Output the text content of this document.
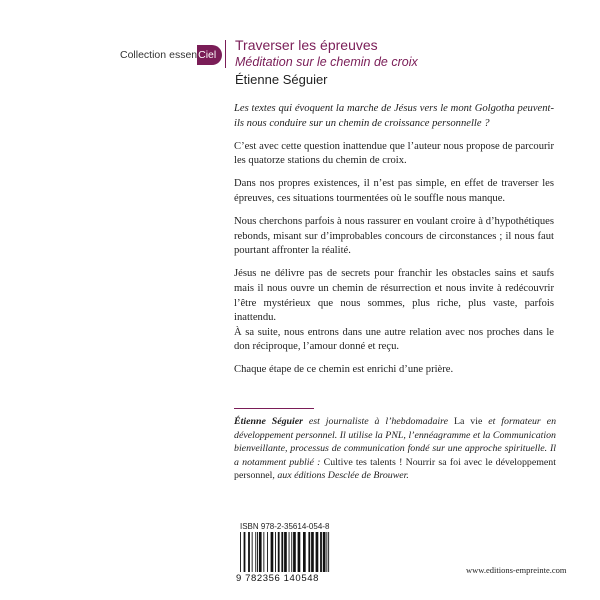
Collection essen Ciel
Traverser les épreuves
Méditation sur le chemin de croix
Étienne Séguier

Les textes qui évoquent la marche de Jésus vers le mont Golgotha peuvent-ils nous conduire sur un chemin de croissance personnelle ?

C’est avec cette question inattendue que l’auteur nous propose de parcourir les quatorze stations du chemin de croix.

Dans nos propres existences, il n’est pas simple, en effet de traverser les épreuves, ces situations tourmentées où le souffle nous manque.

Nous cherchons parfois à nous rassurer en voulant croire à d’hypothétiques rebonds, misant sur d’improbables concours de circonstances ; il nous faut pourtant affronter la réalité.

Jésus ne délivre pas de secrets pour franchir les obstacles sains et saufs mais il nous ouvre un chemin de résurrection et nous invite à redécouvrir l’être mystérieux que nous sommes, plus riche, plus vaste, parfois inattendu.

À sa suite, nous entrons dans une autre relation avec nos proches dans le don réciproque, l’amour donné et reçu.

Chaque étape de ce chemin est enrichi d’une prière.

Étienne Séguier est journaliste à l’hebdomadaire La vie et formateur en développement personnel. Il utilise la PNL, l’ennéagramme et la Communication bienveillante, processus de communication fondé sur une approche spirituelle. Il a notamment publié : Cultive tes talents ! Nourrir sa foi avec le développement personnel, aux éditions Desclée de Brouwer.

ISBN 978-2-35614-054-8
9 782356 140548
www.editions-empreinte.com
